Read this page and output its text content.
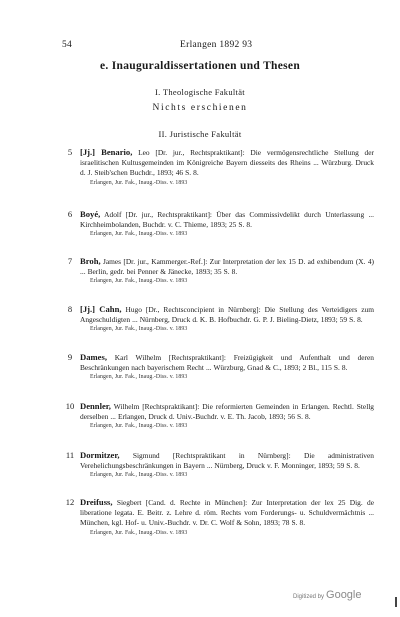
54	Erlangen 1892 93
e. Inauguraldissertationen und Thesen
I. Theologische Fakultät
Nichts erschienen
II. Juristische Fakultät
5 [Jj.] Benario, Leo [Dr. jur., Rechtspraktikant]: Die vermögensrechtliche Stellung der israelitischen Kultusgemeinden im Königreiche Bayern diesseits des Rheins ... Würzburg. Druck d. J. Steib'schen Buchdr., 1893; 46 S. 8.
Erlangen, Jur. Fak., Inaug.-Diss. v. 1893
6 Boyé, Adolf [Dr. jur., Rechtspraktikant]: Über das Commissivdelikt durch Unterlassung ... Kirchheimbolanden, Buchdr. v. C. Thieme, 1893; 25 S. 8.
Erlangen, Jur. Fak., Inaug.-Diss. v. 1893
7 Broh, James [Dr. jur., Kammerger.-Ref.]: Zur Interpretation der lex 15 D. ad exhibendum (X. 4) ... Berlin, gedr. bei Penner & Jänecke, 1893; 35 S. 8.
Erlangen, Jur. Fak., Inaug.-Diss. v. 1893
8 [Jj.] Cahn, Hugo [Dr., Rechtsconcipient in Nürnberg]: Die Stellung des Verteidigers zum Angeschuldigten ... Nürnberg, Druck d. K. B. Hofbuchdr. G. P. J. Bieling-Dietz, 1893; 59 S. 8.
Erlangen, Jur. Fak., Inaug.-Diss. v. 1893
9 Dames, Karl Wilhelm [Rechtspraktikant]: Freizügigkeit und Aufenthalt und deren Beschränkungen nach bayerischem Recht ... Würzburg, Gnad & C., 1893; 2 Bl., 115 S. 8.
Erlangen, Jur. Fak., Inaug.-Diss. v. 1893
10 Dennler, Wilhelm [Rechtspraktikant]: Die reformierten Gemeinden in Erlangen. Rechtl. Stellg derselben ... Erlangen, Druck d. Univ.-Buchdr. v. E. Th. Jacob, 1893; 56 S. 8.
Erlangen, Jur. Fak., Inaug.-Diss. v. 1893
11 Dormitzer, Sigmund [Rechtspraktikant in Nürnberg]: Die administrativen Verehelichungsbeschränkungen in Bayern ... Nürnberg, Druck v. F. Monninger, 1893; 59 S. 8.
Erlangen, Jur. Fak., Inaug.-Diss. v. 1893
12 Dreifuss, Siegbert [Cand. d. Rechte in München]: Zur Interpretation der lex 25 Dig. de liberatione legata. E. Beitr. z. Lehre d. röm. Rechts vom Forderungs- u. Schuldvermächtnis ... München, kgl. Hof- u. Univ.-Buchdr. v. Dr. C. Wolf & Sohn, 1893; 78 S. 8.
Erlangen, Jur. Fak., Inaug.-Diss. v. 1893
Digitized by Google
